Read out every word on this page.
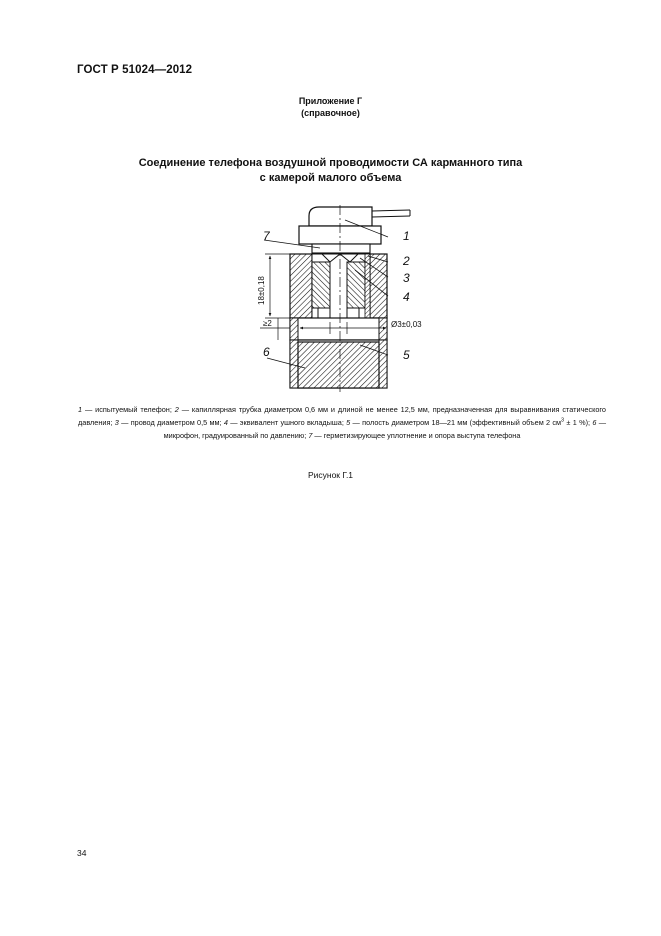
ГОСТ Р 51024—2012
Приложение Г
(справочное)
Соединение телефона воздушной проводимости СА карманного типа
с камерой малого объема
1
2
3
4
5
6
7
18±0,18
≥2	Ø3±0,03
1 — испытуемый телефон; 2 — капиллярная трубка диаметром 0,6 мм и длиной не менее 12,5 мм, предназначенная для выравнивания статического давления; 3 — провод диаметром 0,5 мм; 4 — эквивалент ушного вкладыша; 5 — полость диаметром 18—21 мм (эффективный объем 2 $см^3 \pm 1$ %); 6 — микрофон, градуированный по давлению; 7 — герметизирующее уплотнение и опора выступа телефона
Рисунок Г.1
34
